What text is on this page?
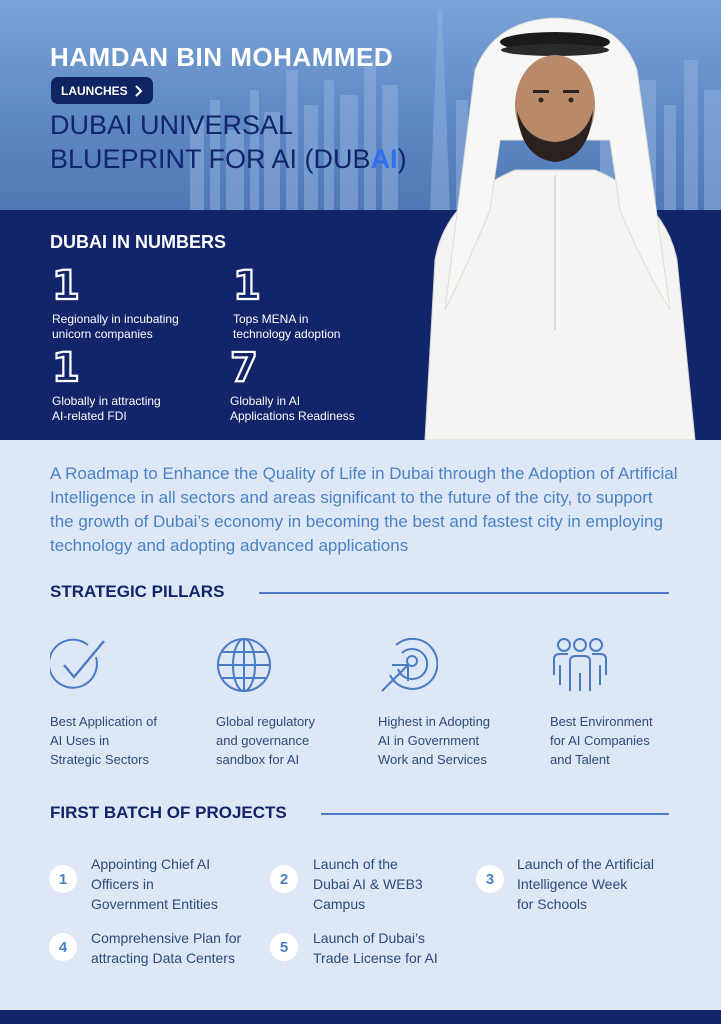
HAMDAN BIN MOHAMMED
LAUNCHES
DUBAI UNIVERSAL
BLUEPRINT FOR AI (DUBAI)
DUBAI IN NUMBERS
1
Regionally in incubating
unicorn companies
1
Tops MENA in
technology adoption
1
Globally in attracting
AI-related FDI
7
Globally in AI
Applications Readiness
A Roadmap to Enhance the Quality of Life in Dubai through the Adoption of Artificial Intelligence in all sectors and areas significant to the future of the city, to support the growth of Dubai’s economy in becoming the best and fastest city in employing technology and adopting advanced applications
STRATEGIC PILLARS
Best Application of
AI Uses in
Strategic Sectors
Global regulatory
and governance
sandbox for AI
Highest in Adopting
AI in Government
Work and Services
Best Environment
for AI Companies
and Talent
FIRST BATCH OF PROJECTS
1
Appointing Chief AI
Officers in
Government Entities
2
Launch of the
Dubai AI & WEB3
Campus
3
Launch of the Artificial
Intelligence Week
for Schools
4
Comprehensive Plan for
attracting Data Centers
5
Launch of Dubai’s
Trade License for AI
